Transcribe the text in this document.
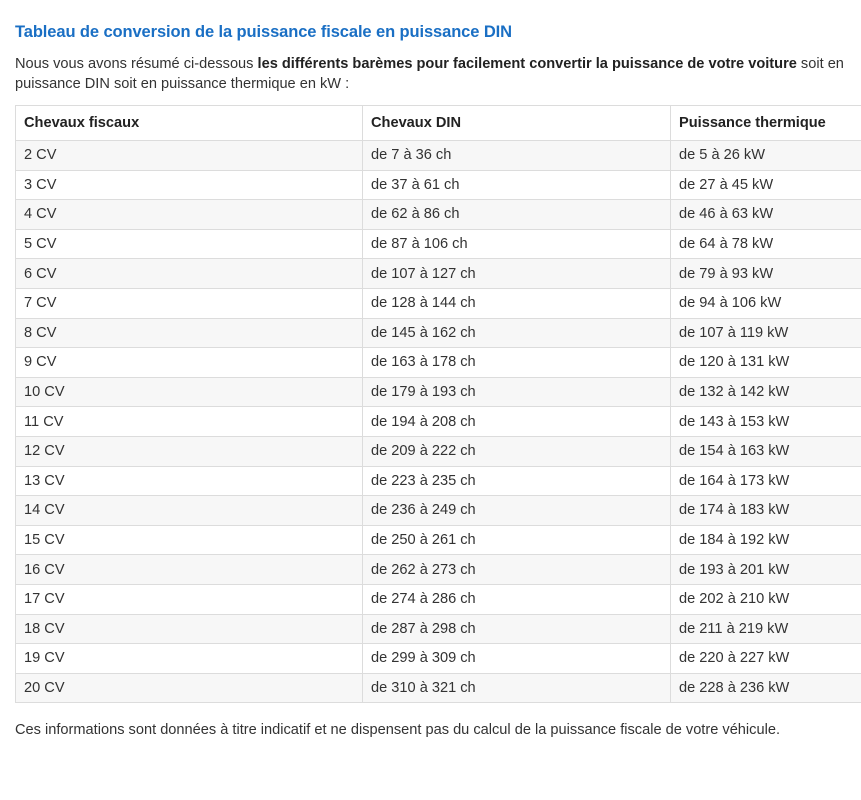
Tableau de conversion de la puissance fiscale en puissance DIN

Nous vous avons résumé ci-dessous les différents barèmes pour facilement convertir la puissance de votre voiture soit en puissance DIN soit en puissance thermique en kW :

Chevaux fiscaux	Chevaux DIN	Puissance thermique
2 CV	de 7 à 36 ch	de 5 à 26 kW
3 CV	de 37 à 61 ch	de 27 à 45 kW
4 CV	de 62 à 86 ch	de 46 à 63 kW
5 CV	de 87 à 106 ch	de 64 à 78 kW
6 CV	de 107 à 127 ch	de 79 à 93 kW
7 CV	de 128 à 144 ch	de 94 à 106 kW
8 CV	de 145 à 162 ch	de 107 à 119 kW
9 CV	de 163 à 178 ch	de 120 à 131 kW
10 CV	de 179 à 193 ch	de 132 à 142 kW
11 CV	de 194 à 208 ch	de 143 à 153 kW
12 CV	de 209 à 222 ch	de 154 à 163 kW
13 CV	de 223 à 235 ch	de 164 à 173 kW
14 CV	de 236 à 249 ch	de 174 à 183 kW
15 CV	de 250 à 261 ch	de 184 à 192 kW
16 CV	de 262 à 273 ch	de 193 à 201 kW
17 CV	de 274 à 286 ch	de 202 à 210 kW
18 CV	de 287 à 298 ch	de 211 à 219 kW
19 CV	de 299 à 309 ch	de 220 à 227 kW
20 CV	de 310 à 321 ch	de 228 à 236 kW

Ces informations sont données à titre indicatif et ne dispensent pas du calcul de la puissance fiscale de votre véhicule.
